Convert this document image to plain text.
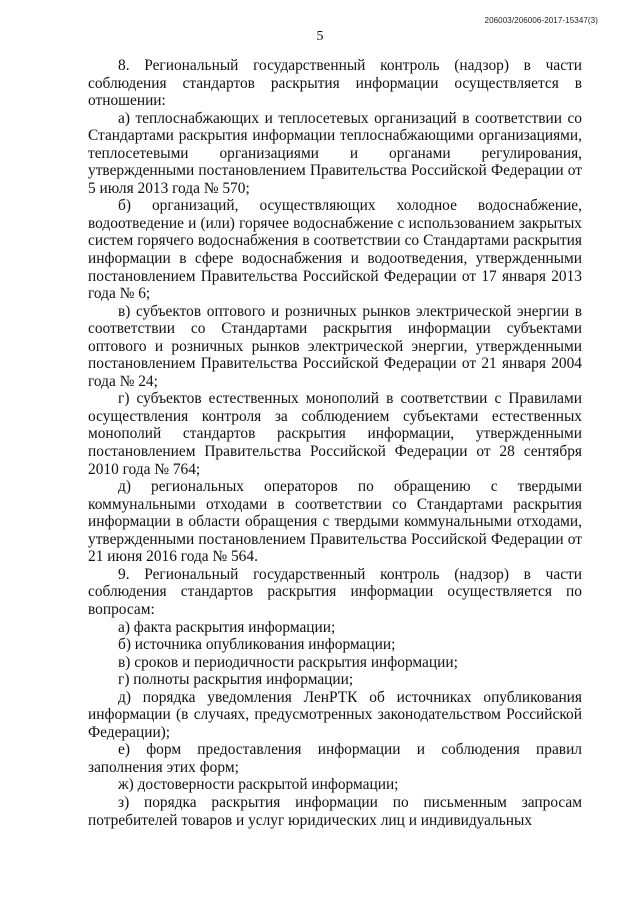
206003/206006-2017-15347(3)
5

8. Региональный государственный контроль (надзор) в части соблюдения стандартов раскрытия информации осуществляется в отношении:

а) теплоснабжающих и теплосетевых организаций в соответствии со Стандартами раскрытия информации теплоснабжающими организациями, теплосетевыми организациями и органами регулирования, утвержденными постановлением Правительства Российской Федерации от 5 июля 2013 года № 570;

б) организаций, осуществляющих холодное водоснабжение, водоотведение и (или) горячее водоснабжение с использованием закрытых систем горячего водоснабжения в соответствии со Стандартами раскрытия информации в сфере водоснабжения и водоотведения, утвержденными постановлением Правительства Российской Федерации от 17 января 2013 года № 6;

в) субъектов оптового и розничных рынков электрической энергии в соответствии со Стандартами раскрытия информации субъектами оптового и розничных рынков электрической энергии, утвержденными постановлением Правительства Российской Федерации от 21 января 2004 года № 24;

г) субъектов естественных монополий в соответствии с Правилами осуществления контроля за соблюдением субъектами естественных монополий стандартов раскрытия информации, утвержденными постановлением Правительства Российской Федерации от 28 сентября 2010 года № 764;

д) региональных операторов по обращению с твердыми коммунальными отходами в соответствии со Стандартами раскрытия информации в области обращения с твердыми коммунальными отходами, утвержденными постановлением Правительства Российской Федерации от 21 июня 2016 года № 564.

9. Региональный государственный контроль (надзор) в части соблюдения стандартов раскрытия информации осуществляется по вопросам:

а) факта раскрытия информации;

б) источника опубликования информации;

в) сроков и периодичности раскрытия информации;

г) полноты раскрытия информации;

д) порядка уведомления ЛенРТК об источниках опубликования информации (в случаях, предусмотренных законодательством Российской Федерации);

е) форм предоставления информации и соблюдения правил заполнения этих форм;

ж) достоверности раскрытой информации;

з) порядка раскрытия информации по письменным запросам потребителей товаров и услуг юридических лиц и индивидуальных
